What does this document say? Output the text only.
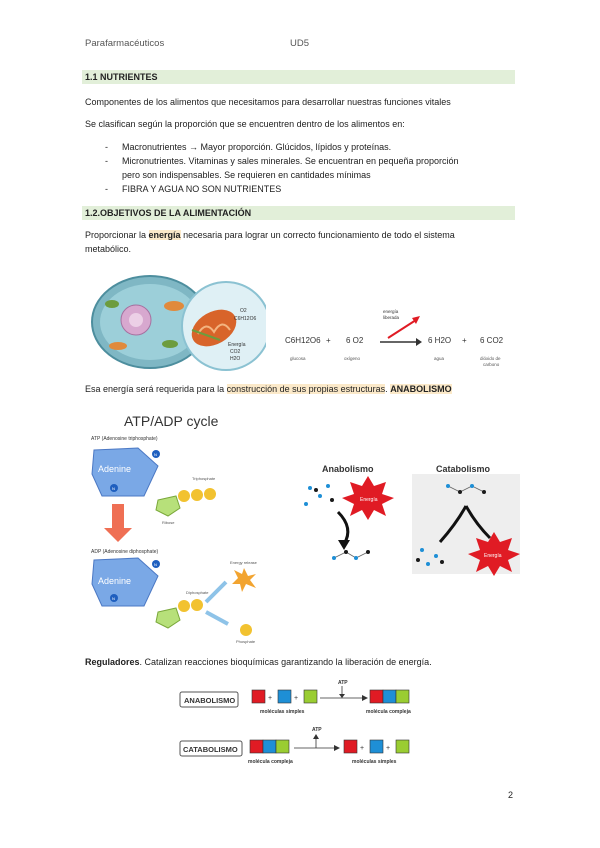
Parafarmacéuticos	UD5
1.1 NUTRIENTES
Componentes de los alimentos que necesitamos para desarrollar nuestras funciones vitales
Se clasifican según la proporción que se encuentren dentro de los alimentos en:
- Macronutrientes → Mayor proporción. Glúcidos, lípidos y proteínas.
- Micronutrientes. Vitaminas y sales minerales. Se encuentran en pequeña proporción
pero son indispensables. Se requieren en cantidades mínimas
- FIBRA Y AGUA NO SON NUTRIENTES
1.2.OBJETIVOS DE LA ALIMENTACIÓN
Proporcionar la energía necesaria para lograr un correcto funcionamiento de todo el sistema
metabólico.
O2
C6H12O6
Energía
CO2
H2O
C6H12O6 + 6 O2
energía
liberada
6 H2O + 6 CO2
glucosa	oxígeno	agua	dióxido de
carbono
Esa energía será requerida para la construcción de sus propias estructuras. ANABOLISMO
ATP/ADP cycle
ATP (Adenosine triphosphate)
Adenine
N
N
Ribose
Triphosphate
ADP (Adenosine diphosphate)
Adenine
N
N
Diphosphate
Energy release
Phosphate
Anabolismo	Catabolismo
Energía
Energía
Reguladores. Catalizan reacciones bioquímicas garantizando la liberación de energía.
ANABOLISMO	+	+
moléculas simples
ATP
molécula compleja
CATABOLISMO
molécula compleja
ATP
+	+
moléculas simples
2
